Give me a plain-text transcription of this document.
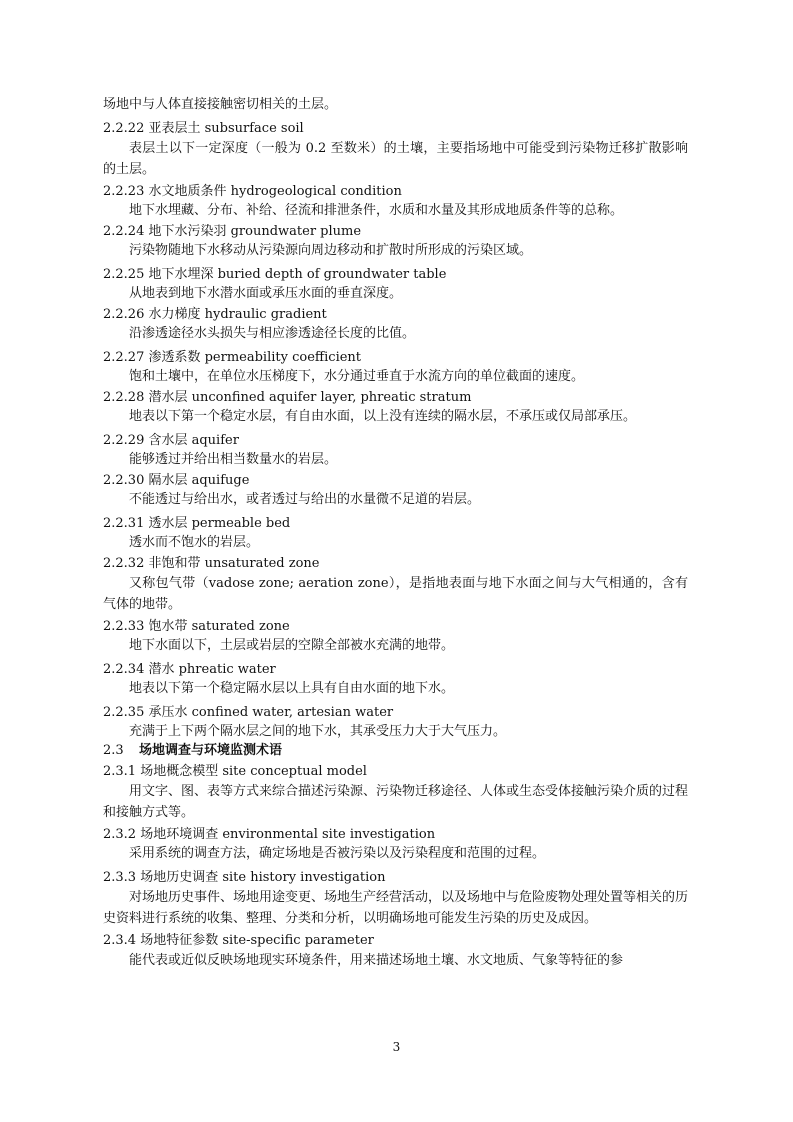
场地中与人体直接接触密切相关的土层。
2.2.22 亚表层土 subsurface soil
表层土以下一定深度（一般为 0.2 至数米）的土壤，主要指场地中可能受到污染物迁移扩散影响的土层。
2.2.23 水文地质条件 hydrogeological condition
地下水埋藏、分布、补给、径流和排泄条件，水质和水量及其形成地质条件等的总称。
2.2.24 地下水污染羽 groundwater plume
污染物随地下水移动从污染源向周边移动和扩散时所形成的污染区域。
2.2.25 地下水埋深 buried depth of groundwater table
从地表到地下水潜水面或承压水面的垂直深度。
2.2.26 水力梯度 hydraulic gradient
沿渗透途径水头损失与相应渗透途径长度的比值。
2.2.27 渗透系数 permeability coefficient
饱和土壤中，在单位水压梯度下，水分通过垂直于水流方向的单位截面的速度。
2.2.28 潜水层 unconfined aquifer layer, phreatic stratum
地表以下第一个稳定水层，有自由水面，以上没有连续的隔水层，不承压或仅局部承压。
2.2.29 含水层 aquifer
能够透过并给出相当数量水的岩层。
2.2.30 隔水层 aquifuge
不能透过与给出水，或者透过与给出的水量微不足道的岩层。
2.2.31 透水层 permeable bed
透水而不饱水的岩层。
2.2.32 非饱和带 unsaturated zone
又称包气带（vadose zone; aeration zone），是指地表面与地下水面之间与大气相通的，含有气体的地带。
2.2.33 饱水带 saturated zone
地下水面以下，土层或岩层的空隙全部被水充满的地带。
2.2.34 潜水 phreatic water
地表以下第一个稳定隔水层以上具有自由水面的地下水。
2.2.35 承压水 confined water, artesian water
充满于上下两个隔水层之间的地下水，其承受压力大于大气压力。
2.3 场地调查与环境监测术语
2.3.1 场地概念模型 site conceptual model
用文字、图、表等方式来综合描述污染源、污染物迁移途径、人体或生态受体接触污染介质的过程和接触方式等。
2.3.2 场地环境调查 environmental site investigation
采用系统的调查方法，确定场地是否被污染以及污染程度和范围的过程。
2.3.3 场地历史调查 site history investigation
对场地历史事件、场地用途变更、场地生产经营活动，以及场地中与危险废物处理处置等相关的历史资料进行系统的收集、整理、分类和分析，以明确场地可能发生污染的历史及成因。
2.3.4 场地特征参数 site-specific parameter
能代表或近似反映场地现实环境条件，用来描述场地土壤、水文地质、气象等特征的参
3
